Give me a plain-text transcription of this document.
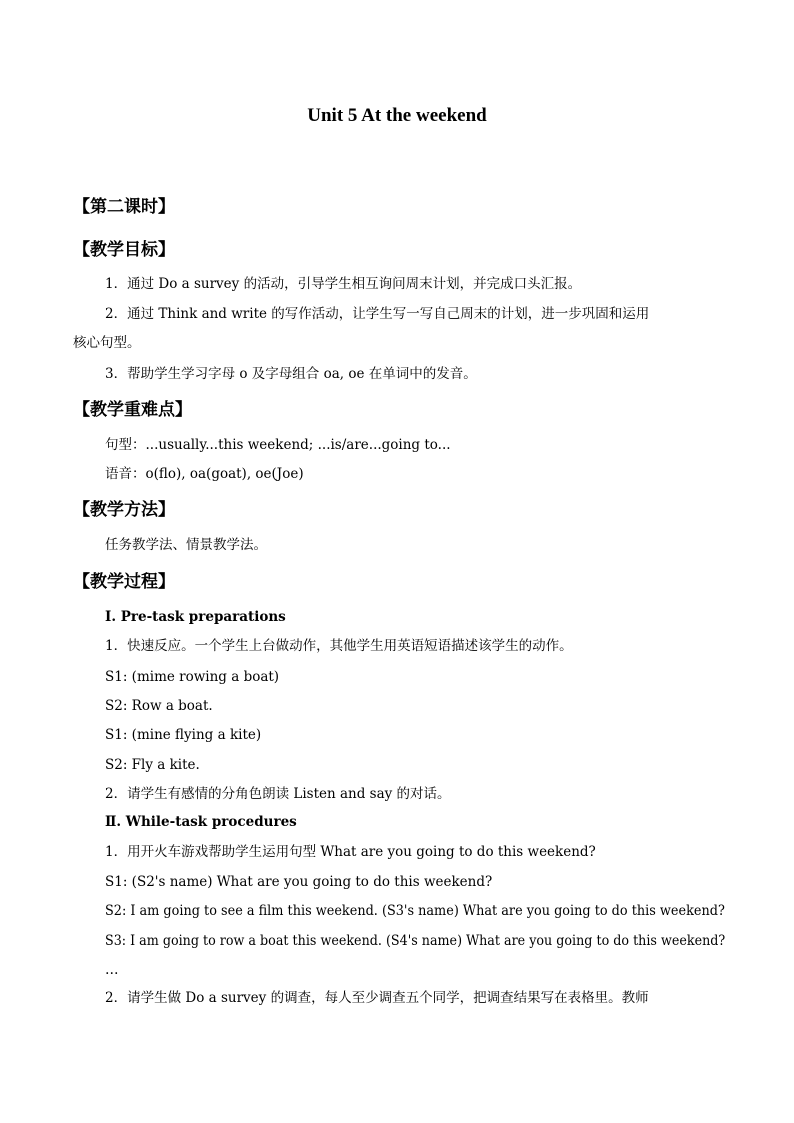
Unit 5 At the weekend
【第二课时】
【教学目标】
1．通过 Do a survey 的活动，引导学生相互询问周末计划，并完成口头汇报。
2．通过 Think and write 的写作活动，让学生写一写自己周末的计划，进一步巩固和运用
核心句型。
3．帮助学生学习字母 o 及字母组合 oa, oe 在单词中的发音。
【教学重难点】
句型：...usually...this weekend; ...is/are...going to...
语音：o(flo), oa(goat), oe(Joe)
【教学方法】
任务教学法、情景教学法。
【教学过程】
Ⅰ. Pre-task preparations
1．快速反应。一个学生上台做动作，其他学生用英语短语描述该学生的动作。
S1: (mime rowing a boat)
S2: Row a boat.
S1: (mine flying a kite)
S2: Fly a kite.
2．请学生有感情的分角色朗读 Listen and say 的对话。
Ⅱ. While-task procedures
1．用开火车游戏帮助学生运用句型 What are you going to do this weekend?
S1: (S2's name) What are you going to do this weekend?
S2: I am going to see a film this weekend. (S3's name) What are you going to do this weekend?
S3: I am going to row a boat this weekend. (S4's name) What are you going to do this weekend?
…
2．请学生做 Do a survey 的调查，每人至少调查五个同学，把调查结果写在表格里。教师
